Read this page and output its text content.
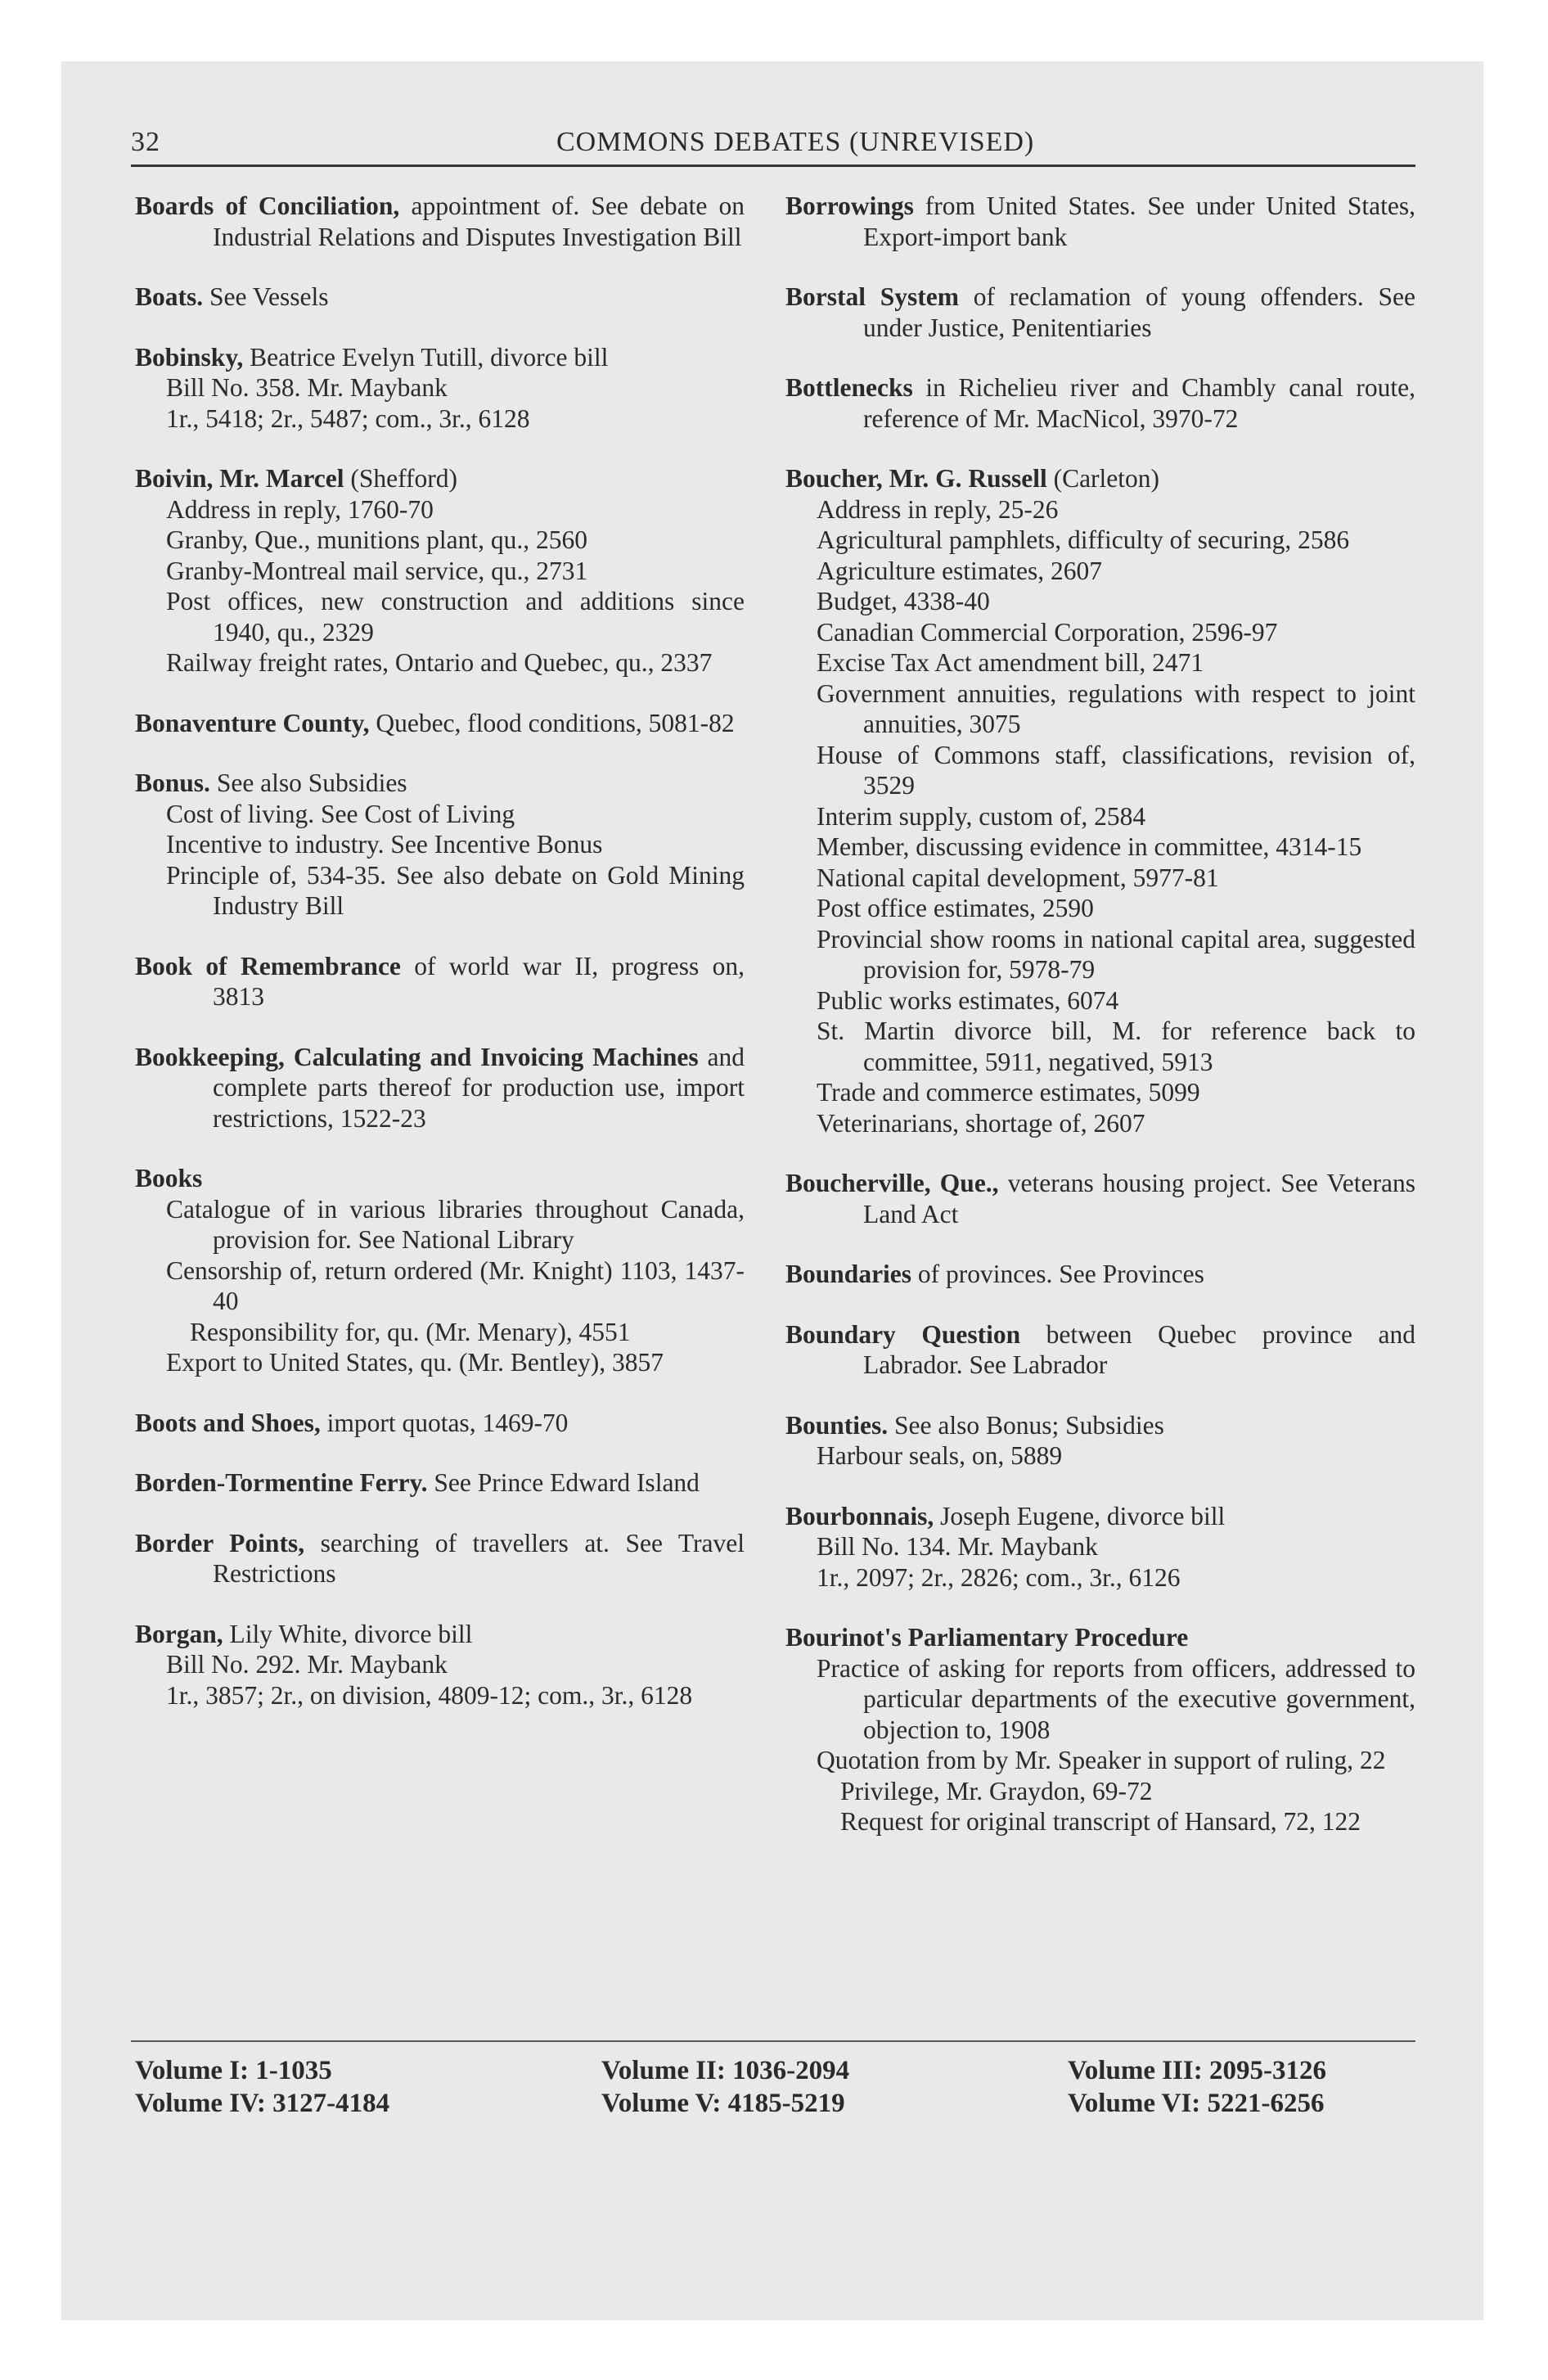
32	COMMONS DEBATES (UNREVISED)
Boards of Conciliation, appointment of. See debate on Industrial Relations and Disputes Investigation Bill
Boats. See Vessels
Bobinsky, Beatrice Evelyn Tutill, divorce bill
Bill No. 358. Mr. Maybank
1r., 5418; 2r., 5487; com., 3r., 6128
Boivin, Mr. Marcel (Shefford)
Address in reply, 1760-70
Granby, Que., munitions plant, qu., 2560
Granby-Montreal mail service, qu., 2731
Post offices, new construction and additions since 1940, qu., 2329
Railway freight rates, Ontario and Quebec, qu., 2337
Bonaventure County, Quebec, flood conditions, 5081-82
Bonus. See also Subsidies
Cost of living. See Cost of Living
Incentive to industry. See Incentive Bonus
Principle of, 534-35. See also debate on Gold Mining Industry Bill
Book of Remembrance of world war II, progress on, 3813
Bookkeeping, Calculating and Invoicing Machines and complete parts thereof for production use, import restrictions, 1522-23
Books
Catalogue of in various libraries throughout Canada, provision for. See National Library
Censorship of, return ordered (Mr. Knight) 1103, 1437-40
Responsibility for, qu. (Mr. Menary), 4551
Export to United States, qu. (Mr. Bentley), 3857
Boots and Shoes, import quotas, 1469-70
Borden-Tormentine Ferry. See Prince Edward Island
Border Points, searching of travellers at. See Travel Restrictions
Borgan, Lily White, divorce bill
Bill No. 292. Mr. Maybank
1r., 3857; 2r., on division, 4809-12; com., 3r., 6128
Borrowings from United States. See under United States, Export-import bank
Borstal System of reclamation of young offenders. See under Justice, Penitentiaries
Bottlenecks in Richelieu river and Chambly canal route, reference of Mr. MacNicol, 3970-72
Boucher, Mr. G. Russell (Carleton)
Address in reply, 25-26
Agricultural pamphlets, difficulty of securing, 2586
Agriculture estimates, 2607
Budget, 4338-40
Canadian Commercial Corporation, 2596-97
Excise Tax Act amendment bill, 2471
Government annuities, regulations with respect to joint annuities, 3075
House of Commons staff, classifications, revision of, 3529
Interim supply, custom of, 2584
Member, discussing evidence in committee, 4314-15
National capital development, 5977-81
Post office estimates, 2590
Provincial show rooms in national capital area, suggested provision for, 5978-79
Public works estimates, 6074
St. Martin divorce bill, M. for reference back to committee, 5911, negatived, 5913
Trade and commerce estimates, 5099
Veterinarians, shortage of, 2607
Boucherville, Que., veterans housing project. See Veterans Land Act
Boundaries of provinces. See Provinces
Boundary Question between Quebec province and Labrador. See Labrador
Bounties. See also Bonus; Subsidies
Harbour seals, on, 5889
Bourbonnais, Joseph Eugene, divorce bill
Bill No. 134. Mr. Maybank
1r., 2097; 2r., 2826; com., 3r., 6126
Bourinot's Parliamentary Procedure
Practice of asking for reports from officers, addressed to particular departments of the executive government, objection to, 1908
Quotation from by Mr. Speaker in support of ruling, 22
Privilege, Mr. Graydon, 69-72
Request for original transcript of Hansard, 72, 122
Volume I: 1-1035	Volume II: 1036-2094	Volume III: 2095-3126
Volume IV: 3127-4184	Volume V: 4185-5219	Volume VI: 5221-6256
